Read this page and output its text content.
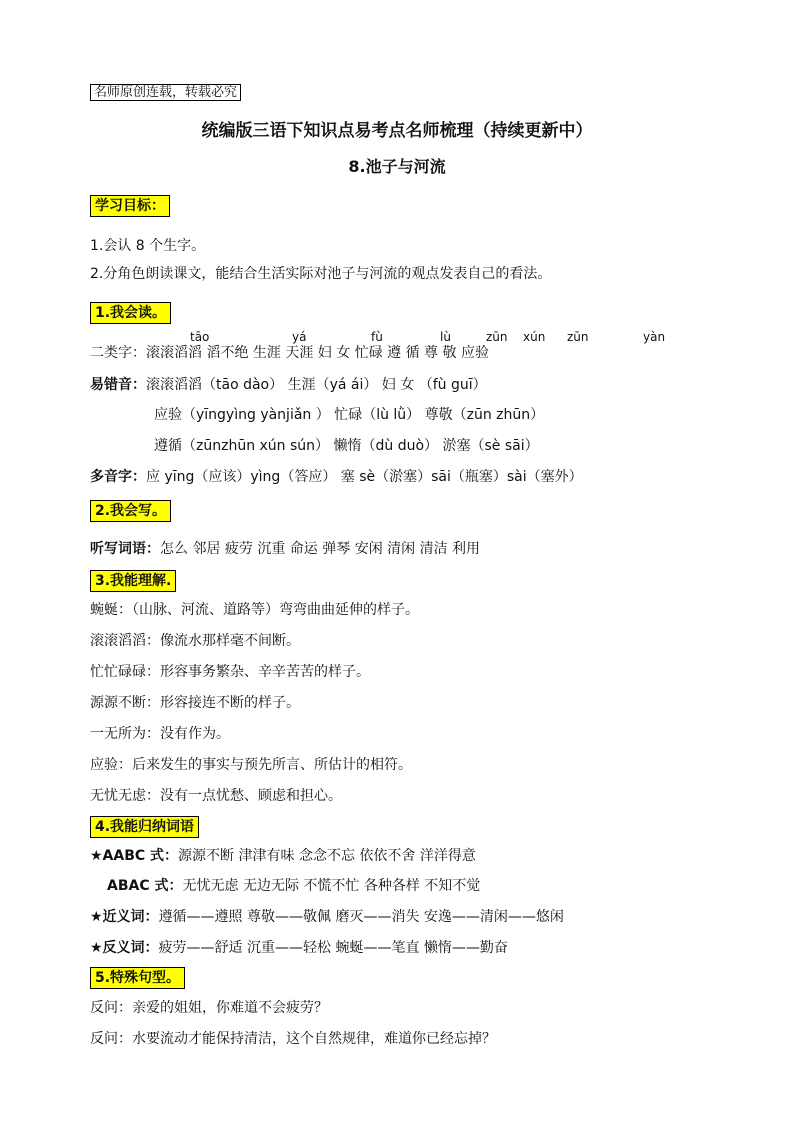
名师原创连载，转载必究
统编版三语下知识点易考点名师梳理（持续更新中）
8.池子与河流
学习目标：
1.会认 8 个生字。
2.分角色朗读课文，能结合生活实际对池子与河流的观点发表自己的看法。
1.我会读。
tāo	yá	fù	lù	zūn xún zūn	yàn
二类字：滚滚滔滔 滔不绝 生涯 天涯 妇 女 忙碌 遵 循 尊 敬 应验
易错音：滚滚滔滔（tāo dào） 生涯（yá ái） 妇 女 （fù guī）
应验（yīngyìng yànjiǎn ） 忙碌（lù lǜ） 尊敬（zūn zhūn）
遵循（zūnzhūn xún sún） 懒惰（dù duò） 淤塞（sè sāi）
多音字：应 yīng（应该）yìng（答应） 塞 sè（淤塞）sāi（瓶塞）sài（塞外）
2.我会写。
听写词语：怎么 邻居 疲劳 沉重 命运 弹琴 安闲 清闲 清洁 利用
3.我能理解.
蜿蜒：（山脉、河流、道路等）弯弯曲曲延伸的样子。
滚滚滔滔：像流水那样毫不间断。
忙忙碌碌：形容事务繁杂、辛辛苦苦的样子。
源源不断：形容接连不断的样子。
一无所为：没有作为。
应验：后来发生的事实与预先所言、所估计的相符。
无忧无虑：没有一点忧愁、顾虑和担心。
4.我能归纳词语
★AABC 式：源源不断 津津有味 念念不忘 依依不舍 洋洋得意
ABAC 式：无忧无虑 无边无际 不慌不忙 各种各样 不知不觉
★近义词：遵循——遵照 尊敬——敬佩 磨灭——消失 安逸——清闲——悠闲
★反义词：疲劳——舒适 沉重——轻松 蜿蜒——笔直 懒惰——勤奋
5.特殊句型。
反问：亲爱的姐姐，你难道不会疲劳？
反问：水要流动才能保持清洁，这个自然规律，难道你已经忘掉？
